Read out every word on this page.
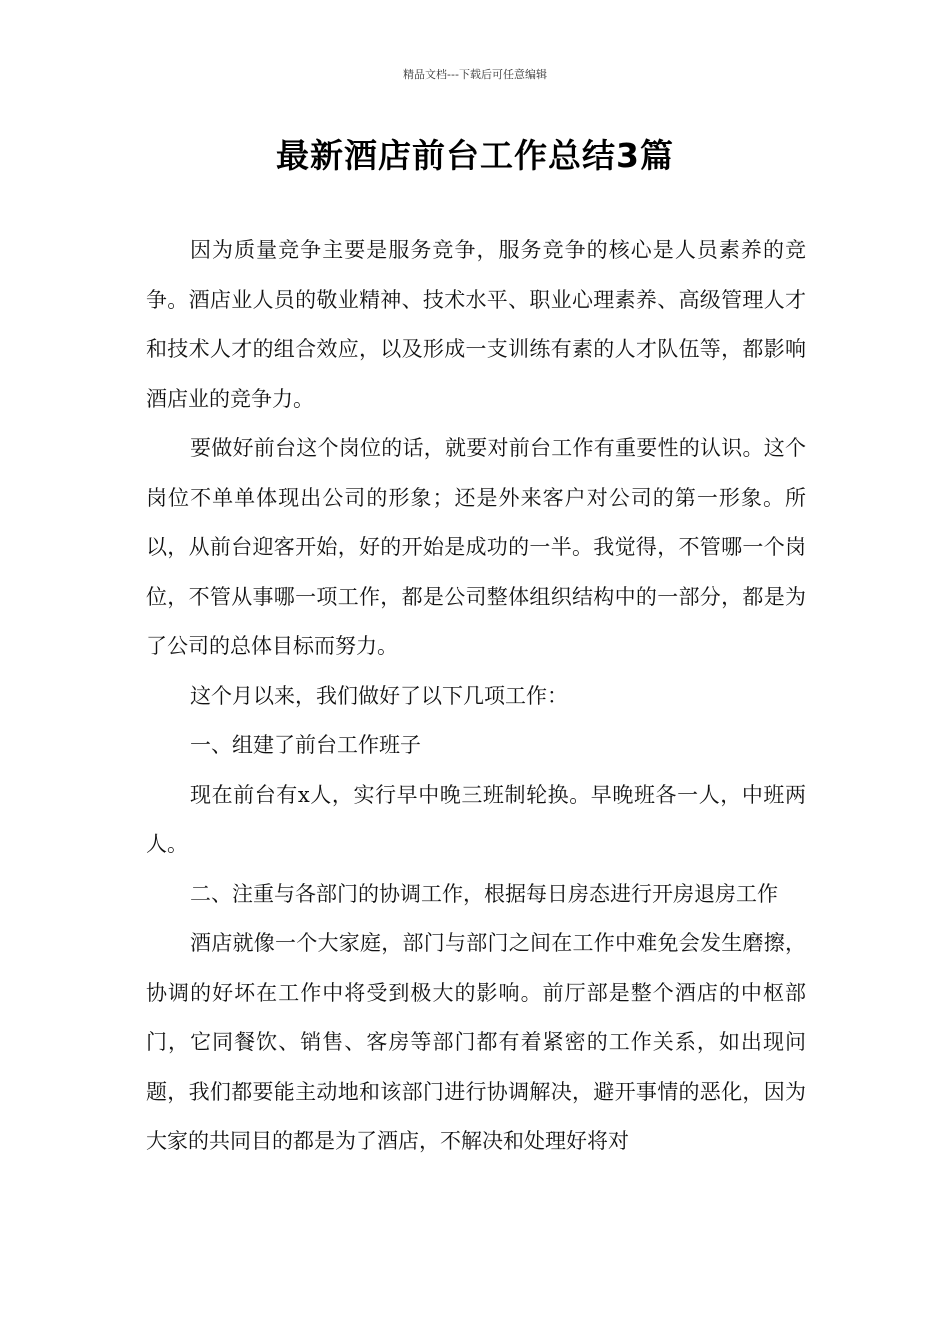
精品文档---下载后可任意编辑
最新酒店前台工作总结3篇

因为质量竞争主要是服务竞争，服务竞争的核心是人员素养的竞争。酒店业人员的敬业精神、技术水平、职业心理素养、高级管理人才和技术人才的组合效应，以及形成一支训练有素的人才队伍等，都影响酒店业的竞争力。

要做好前台这个岗位的话，就要对前台工作有重要性的认识。这个岗位不单单体现出公司的形象；还是外来客户对公司的第一形象。所以，从前台迎客开始，好的开始是成功的一半。我觉得，不管哪一个岗位，不管从事哪一项工作，都是公司整体组织结构中的一部分，都是为了公司的总体目标而努力。

这个月以来，我们做好了以下几项工作：

一、组建了前台工作班子

现在前台有x人，实行早中晚三班制轮换。早晚班各一人，中班两人。

二、注重与各部门的协调工作，根据每日房态进行开房退房工作

酒店就像一个大家庭，部门与部门之间在工作中难免会发生磨擦，协调的好坏在工作中将受到极大的影响。前厅部是整个酒店的中枢部门，它同餐饮、销售、客房等部门都有着紧密的工作关系，如出现问题，我们都要能主动地和该部门进行协调解决，避开事情的恶化，因为大家的共同目的都是为了酒店，不解决和处理好将对
